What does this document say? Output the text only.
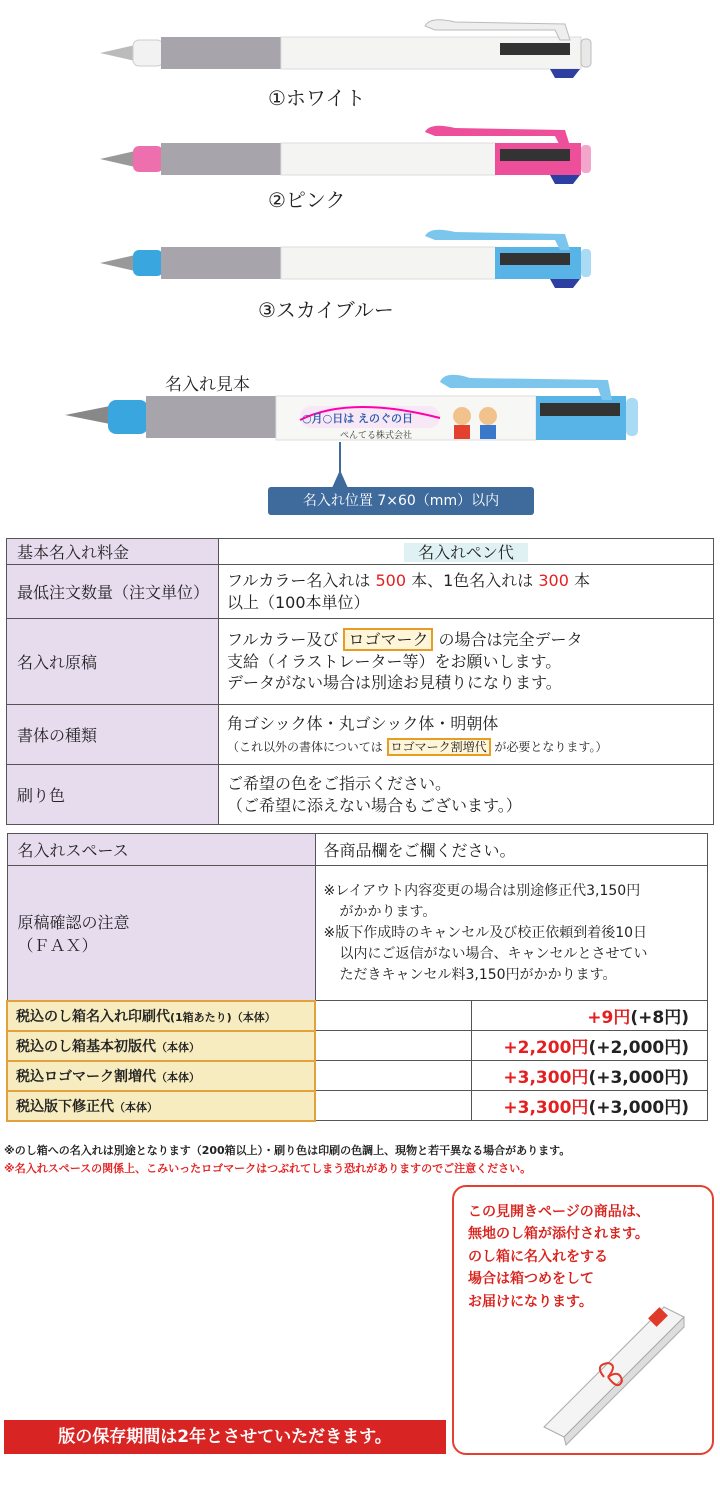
①ホワイト
②ピンク
③スカイブルー
名入れ見本
○月○日は えのぐの日
ぺんてる株式会社
名入れ位置 7×60（mm）以内
基本名入れ料金	名入れペン代
最低注文数量（注文単位）	フルカラー名入れは 500 本、1色名入れは 300 本
以上（100本単位）
名入れ原稿	フルカラー及び ロゴマーク の場合は完全データ
支給（イラストレーター等）をお願いします。
データがない場合は別途お見積りになります。
書体の種類	角ゴシック体・丸ゴシック体・明朝体
（これ以外の書体については ロゴマーク割増代 が必要となります。）
刷り色	ご希望の色をご指示ください。
（ご希望に添えない場合もございます。）
名入れスペース	各商品欄をご欄ください。	
原稿確認の注意
（ＦＡＸ）	※レイアウト内容変更の場合は別途修正代3,150円
がかかります。
※版下作成時のキャンセル及び校正依頼到着後10日
以内にご返信がない場合、キャンセルとさせてい
ただきキャンセル料3,150円がかかります。	
税込のし箱名入れ印刷代(1箱あたり)（本体）		+9円(+8円)
税込のし箱基本初版代（本体）		+2,200円(+2,000円)
税込ロゴマーク割増代（本体）		+3,300円(+3,000円)
税込版下修正代（本体）		+3,300円(+3,000円)
※のし箱への名入れは別途となります（200箱以上）・刷り色は印刷の色調上、現物と若干異なる場合があります。
※名入れスペースの関係上、こみいったロゴマークはつぶれてしまう恐れがありますのでご注意ください。
この見開きページの商品は、
無地のし箱が添付されます。
のし箱に名入れをする
場合は箱つめをして
お届けになります。
版の保存期間は2年とさせていただきます。
